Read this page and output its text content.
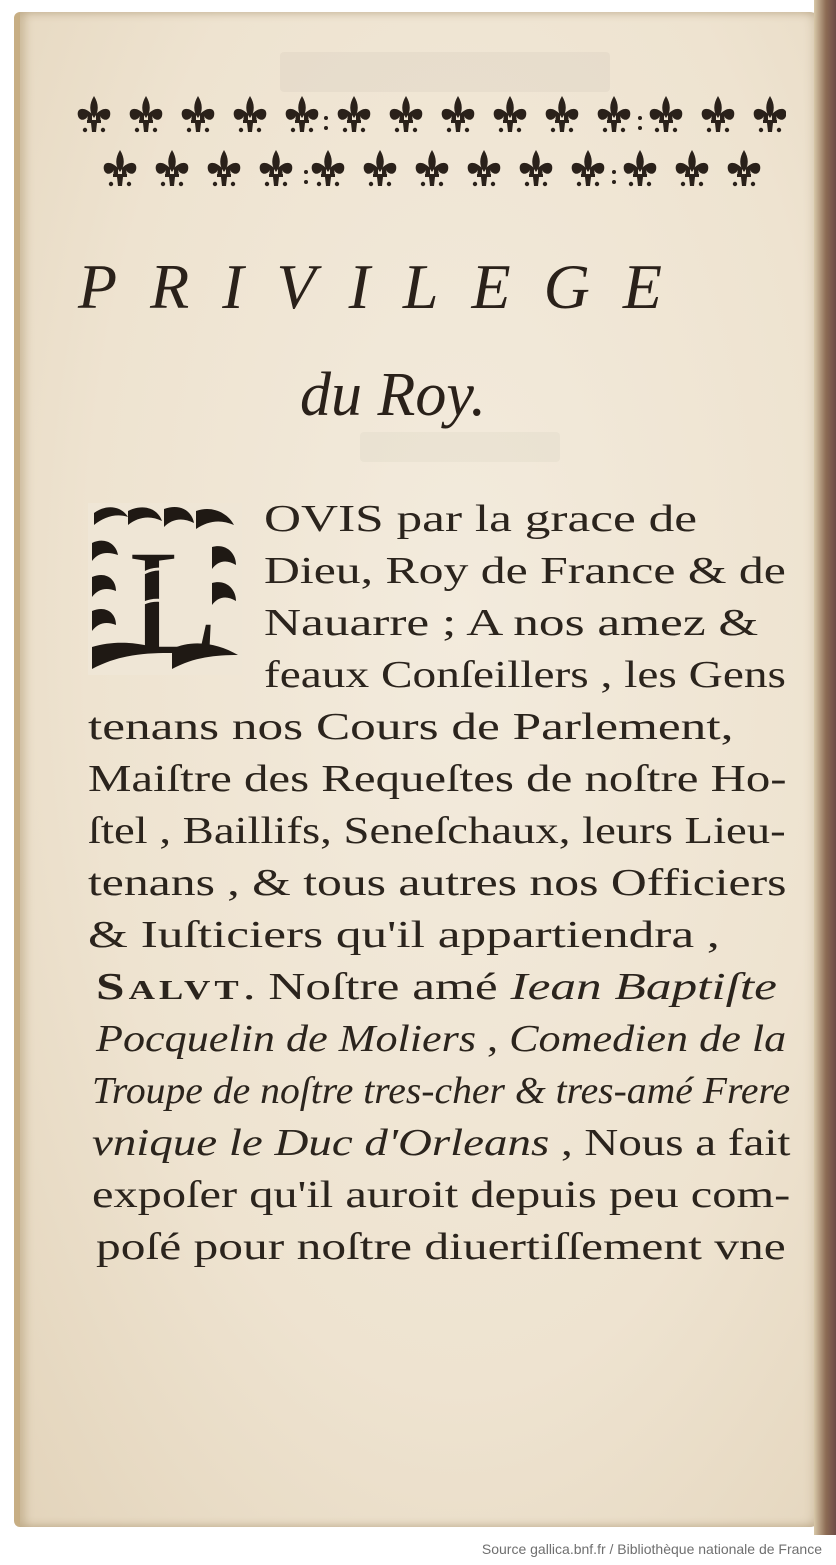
PRIVILEGE
du Roy.
L
OVIS par la grace de
Dieu, Roy de France & de
Nauarre ; A nos amez &
feaux Conſeillers , les Gens
tenans nos Cours de Parlement,
Maiſtre des Requeſtes de noſtre Ho-
ſtel , Baillifs, Seneſchaux, leurs Lieu-
tenans , & tous autres nos Officiers
& Iuſticiers qu'il appartiendra ,
Salvt. Noſtre amé Iean Baptiſte
Pocquelin de Moliers , Comedien de la
Troupe de noſtre tres-cher & tres-amé Frere
vnique le Duc d'Orleans , Nous a fait
expoſer qu'il auroit depuis peu com-
poſé pour noſtre diuertiſſement vne
Source gallica.bnf.fr / Bibliothèque nationale de France
